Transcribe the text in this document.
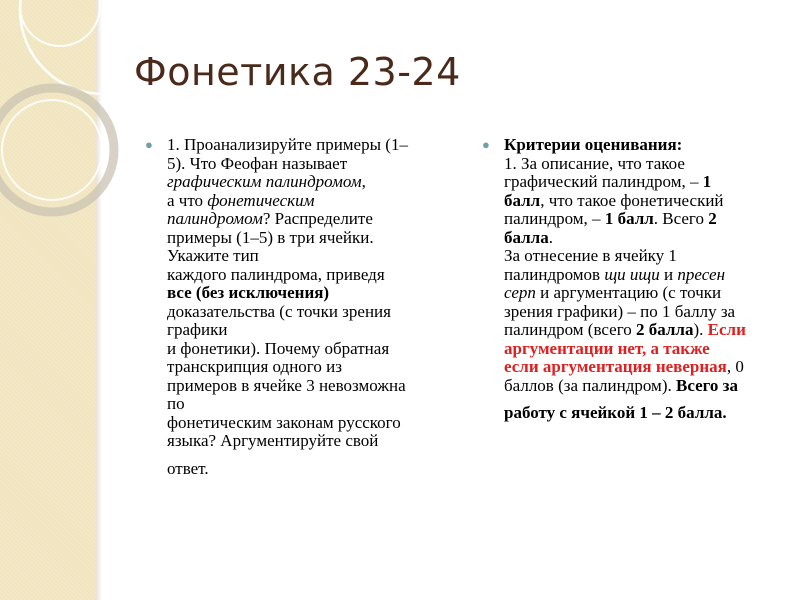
Фонетика 23-24
● 1. Проанализируйте примеры (1–
5). Что Феофан называет
графическим палиндромом,
а что фонетическим
палиндромом? Распределите
примеры (1–5) в три ячейки.
Укажите тип
каждого палиндрома, приведя
все (без исключения)
доказательства (с точки зрения
графики
и фонетики). Почему обратная
транскрипция одного из
примеров в ячейке 3 невозможна
по
фонетическим законам русского
языка? Аргументируйте свой
ответ.
● Критерии оценивания:
1. За описание, что такое
графический палиндром, – 1
балл, что такое фонетический
палиндром, – 1 балл. Всего 2
балла.
За отнесение в ячейку 1
палиндромов щи ищи и пресен
серп и аргументацию (с точки
зрения графики) – по 1 баллу за
палиндром (всего 2 балла). Если
аргументации нет, а также
если аргументация неверная, 0
баллов (за палиндром). Всего за
работу с ячейкой 1 – 2 балла.
